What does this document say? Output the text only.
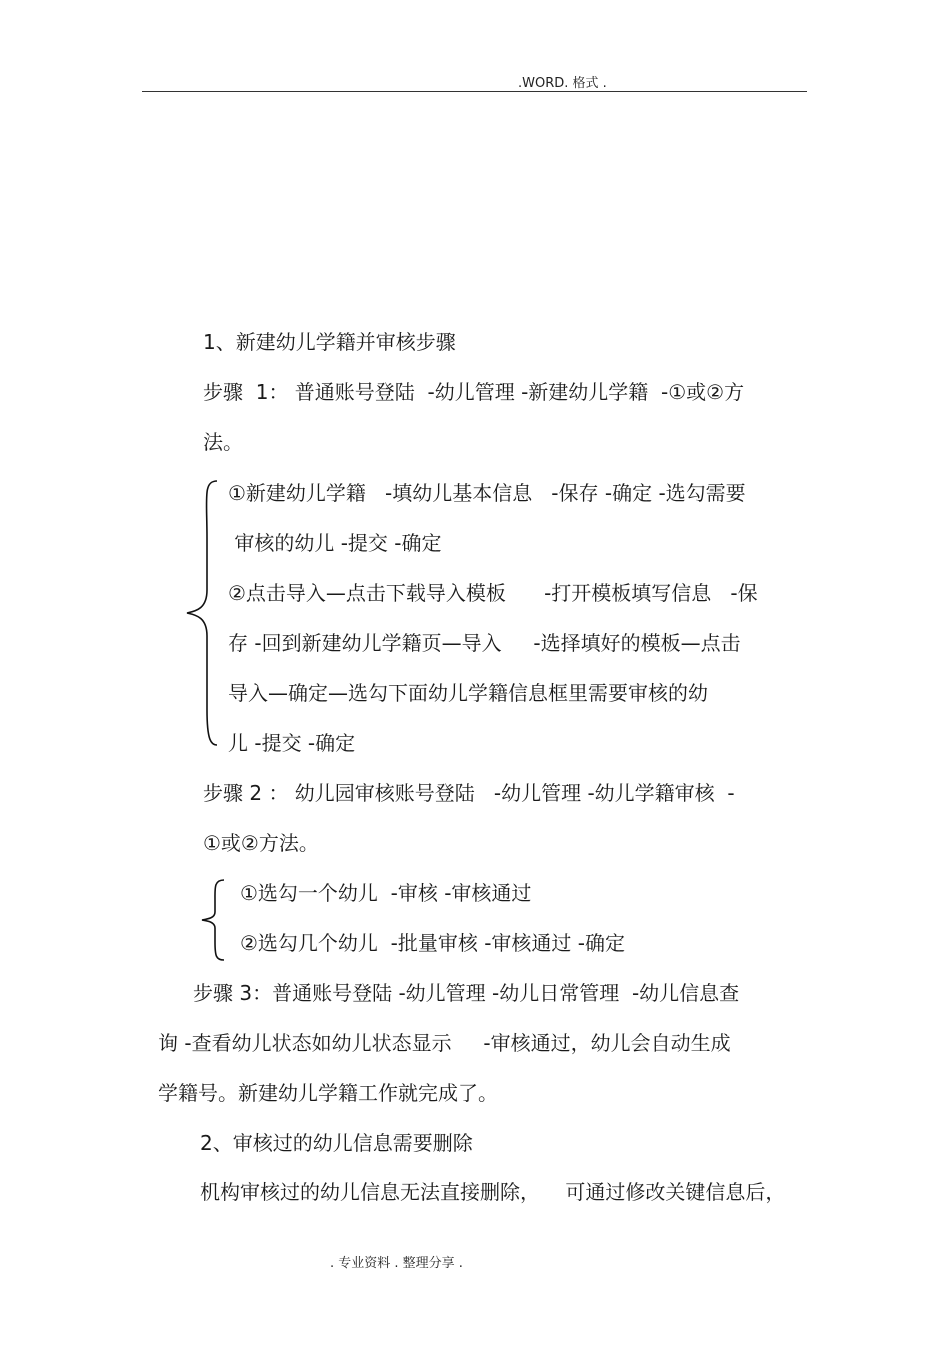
.WORD. 格式 .
1、新建幼儿学籍并审核步骤
步骤  1： 普通账号登陆  -幼儿管理 -新建幼儿学籍  -①或②方
法。
①新建幼儿学籍   -填幼儿基本信息   -保存 -确定 -选勾需要
审核的幼儿 -提交 -确定
②点击导入—点击下载导入模板      -打开模板填写信息   -保
存 -回到新建幼儿学籍页—导入     -选择填好的模板—点击
导入—确定—选勾下面幼儿学籍信息框里需要审核的幼
儿 -提交 -确定
步骤 2 ： 幼儿园审核账号登陆   -幼儿管理 -幼儿学籍审核  -
①或②方法。
①选勾一个幼儿  -审核 -审核通过
②选勾几个幼儿  -批量审核 -审核通过 -确定
步骤 3：普通账号登陆 -幼儿管理 -幼儿日常管理  -幼儿信息查
询 -查看幼儿状态如幼儿状态显示     -审核通过，幼儿会自动生成
学籍号。新建幼儿学籍工作就完成了。
2、审核过的幼儿信息需要删除
机构审核过的幼儿信息无法直接删除，    可通过修改关键信息后，
. 专业资料 . 整理分享 .
